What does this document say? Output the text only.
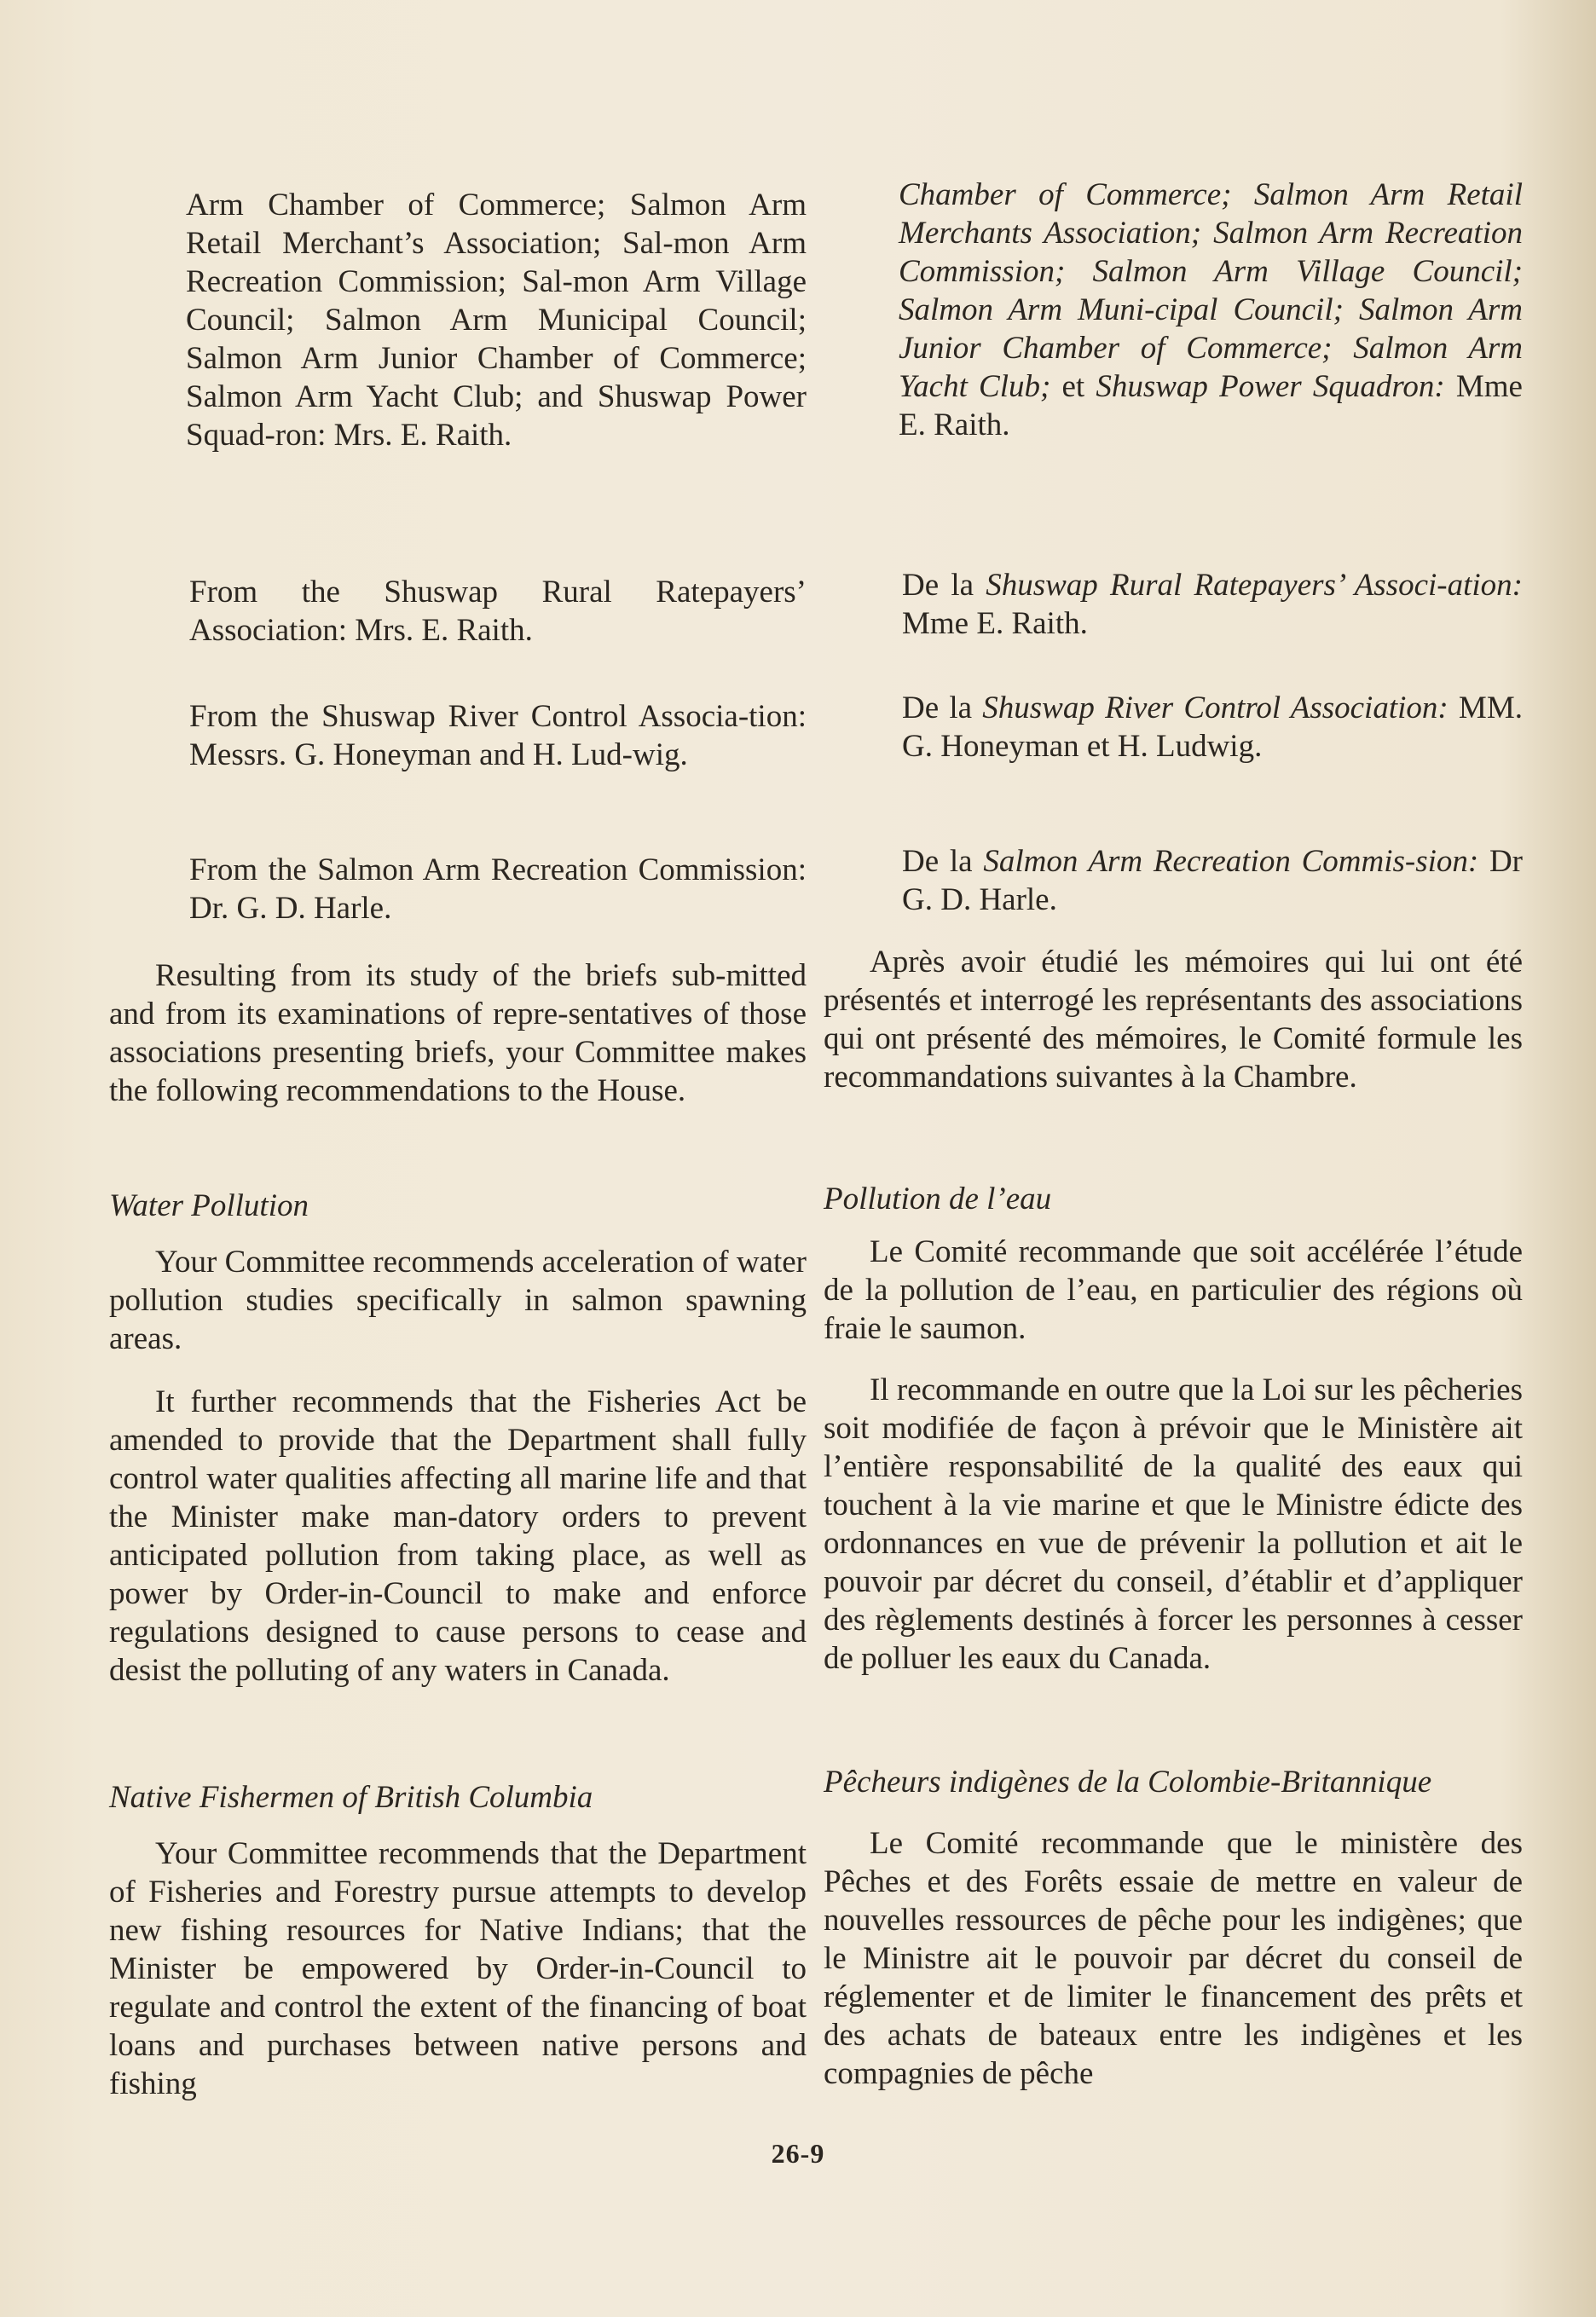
Arm Chamber of Commerce; Salmon Arm Retail Merchant’s Association; Sal-mon Arm Recreation Commission; Sal-mon Arm Village Council; Salmon Arm Municipal Council; Salmon Arm Junior Chamber of Commerce; Salmon Arm Yacht Club; and Shuswap Power Squad-ron: Mrs. E. Raith.

From the Shuswap Rural Ratepayers’ Association: Mrs. E. Raith.

From the Shuswap River Control Associa-tion: Messrs. G. Honeyman and H. Lud-wig.

From the Salmon Arm Recreation Commission: Dr. G. D. Harle.

Resulting from its study of the briefs sub-mitted and from its examinations of repre-sentatives of those associations presenting briefs, your Committee makes the following recommendations to the House.

Water Pollution

Your Committee recommends acceleration of water pollution studies specifically in salmon spawning areas.

It further recommends that the Fisheries Act be amended to provide that the Department shall fully control water qualities affecting all marine life and that the Minister make man-datory orders to prevent anticipated pollution from taking place, as well as power by Order-in-Council to make and enforce regulations designed to cause persons to cease and desist the polluting of any waters in Canada.

Native Fishermen of British Columbia

Your Committee recommends that the Department of Fisheries and Forestry pursue attempts to develop new fishing resources for Native Indians; that the Minister be empowered by Order-in-Council to regulate and control the extent of the financing of boat loans and purchases between native persons and fishing

Chamber of Commerce; Salmon Arm Retail Merchants Association; Salmon Arm Recreation Commission; Salmon Arm Village Council; Salmon Arm Muni-cipal Council; Salmon Arm Junior Chamber of Commerce; Salmon Arm Yacht Club; et Shuswap Power Squadron: Mme E. Raith.

De la Shuswap Rural Ratepayers’ Associ-ation: Mme E. Raith.

De la Shuswap River Control Association: MM. G. Honeyman et H. Ludwig.

De la Salmon Arm Recreation Commis-sion: Dr G. D. Harle.

Après avoir étudié les mémoires qui lui ont été présentés et interrogé les représentants des associations qui ont présenté des mémoires, le Comité formule les recommandations suivantes à la Chambre.

Pollution de l’eau

Le Comité recommande que soit accélérée l’étude de la pollution de l’eau, en particulier des régions où fraie le saumon.

Il recommande en outre que la Loi sur les pêcheries soit modifiée de façon à prévoir que le Ministère ait l’entière responsabilité de la qualité des eaux qui touchent à la vie marine et que le Ministre édicte des ordonnances en vue de prévenir la pollution et ait le pouvoir par décret du conseil, d’établir et d’appliquer des règlements destinés à forcer les personnes à cesser de polluer les eaux du Canada.

Pêcheurs indigènes de la Colombie-Britannique

Le Comité recommande que le ministère des Pêches et des Forêts essaie de mettre en valeur de nouvelles ressources de pêche pour les indigènes; que le Ministre ait le pouvoir par décret du conseil de réglementer et de limiter le financement des prêts et des achats de bateaux entre les indigènes et les compagnies de pêche

26-9
